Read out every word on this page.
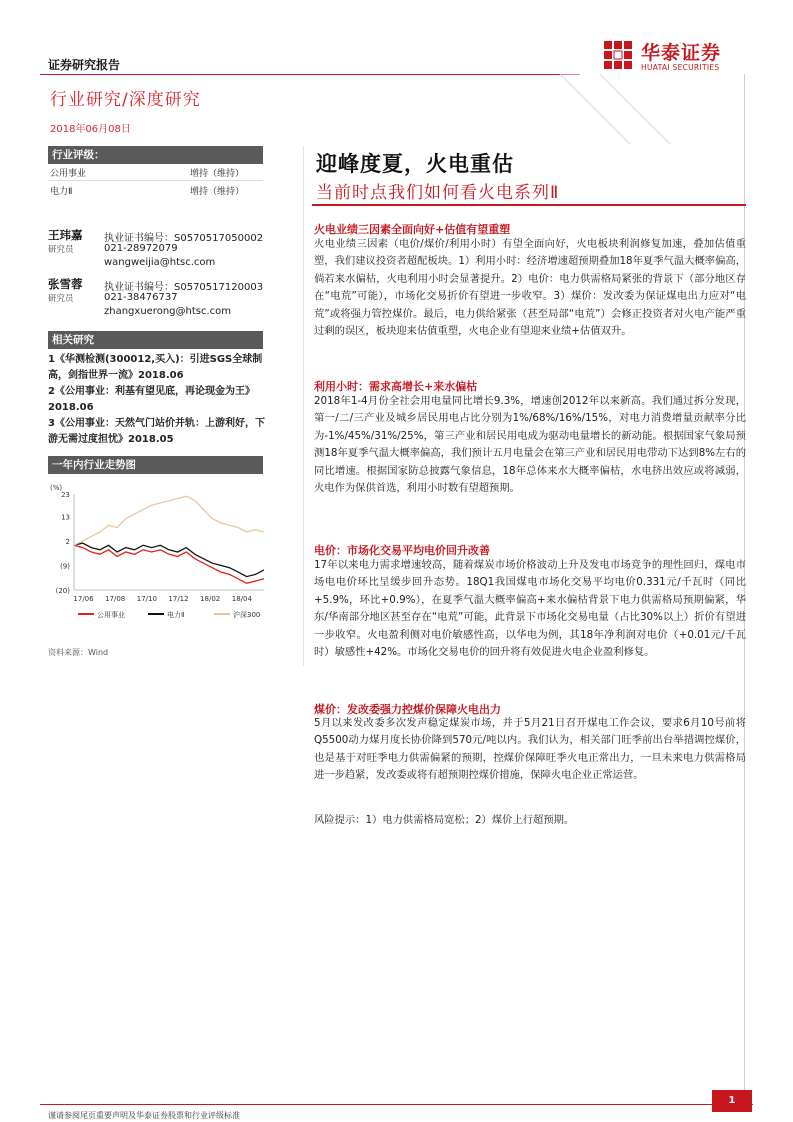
证券研究报告
行业研究/深度研究
2018年06月08日
华泰证券
HUATAI SECURITIES
行业评级：
公用事业	增持（维持）
电力Ⅱ	增持（维持）
王玮嘉
研究员
执业证书编号：S0570517050002
021-28972079
wangweijia@htsc.com
张雪蓉
研究员
执业证书编号：S0570517120003
021-38476737
zhangxuerong@htsc.com
相关研究
1《华测检测(300012,买入)：引进SGS全球制高，剑指世界一流》2018.06
2《公用事业：利基有望见底，再论现金为王》2018.06
3《公用事业：天然气门站价并轨：上游利好，下游无需过度担忧》2018.05
一年内行业走势图
(%)
23
13
2
(9)
(20)
17/06 17/08 17/10 17/12 18/02 18/04
公用事业	电力Ⅱ	沪深300
资料来源：Wind
迎峰度夏，火电重估
当前时点我们如何看火电系列Ⅱ
火电业绩三因素全面向好+估值有望重塑
火电业绩三因素（电价/煤价/利用小时）有望全面向好，火电板块利润修复加速，叠加估值重塑，我们建议投资者超配板块。1）利用小时：经济增速超预期叠加18年夏季气温大概率偏高，倘若来水偏枯，火电利用小时会显著提升。2）电价：电力供需格局紧张的背景下（部分地区存在“电荒”可能），市场化交易折价有望进一步收窄。3）煤价：发改委为保证煤电出力应对“电荒”或将强力管控煤价。最后，电力供给紧张（甚至局部“电荒”）会修正投资者对火电产能严重过剩的误区，板块迎来估值重塑，火电企业有望迎来业绩+估值双升。
利用小时：需求高增长+来水偏枯
2018年1-4月份全社会用电量同比增长9.3%，增速创2012年以来新高。我们通过拆分发现，第一/二/三产业及城乡居民用电占比分别为1%/68%/16%/15%，对电力消费增量贡献率分比为-1%/45%/31%/25%，第三产业和居民用电成为驱动电量增长的新动能。根据国家气象局预测18年夏季气温大概率偏高，我们预计五月电量会在第三产业和居民用电带动下达到8%左右的同比增速。根据国家防总披露气象信息，18年总体来水大概率偏枯，水电挤出效应或将减弱，火电作为保供首选，利用小时数有望超预期。
电价：市场化交易平均电价回升改善
17年以来电力需求增速较高，随着煤炭市场价格波动上升及发电市场竞争的理性回归，煤电市场电电价环比呈缓步回升态势。18Q1我国煤电市场化交易平均电价0.331元/千瓦时（同比+5.9%，环比+0.9%），在夏季气温大概率偏高+来水偏枯背景下电力供需格局预期偏紧，华东/华南部分地区甚至存在“电荒”可能，此背景下市场化交易电量（占比30%以上）折价有望进一步收窄。火电盈利侧对电价敏感性高，以华电为例，其18年净利润对电价（+0.01元/千瓦时）敏感性+42%。市场化交易电价的回升将有效促进火电企业盈利修复。
煤价：发改委强力控煤价保障火电出力
5月以来发改委多次发声稳定煤炭市场，并于5月21日召开煤电工作会议，要求6月10号前将Q5500动力煤月度长协价降到570元/吨以内。我们认为，相关部门旺季前出台举措调控煤价，也是基于对旺季电力供需偏紧的预期，控煤价保障旺季火电正常出力，一旦未来电力供需格局进一步趋紧，发改委或将有超预期控煤价措施，保障火电企业正常运营。
风险提示：1）电力供需格局宽松；2）煤价上行超预期。
谨请参阅尾页重要声明及华泰证券股票和行业评级标准
1
